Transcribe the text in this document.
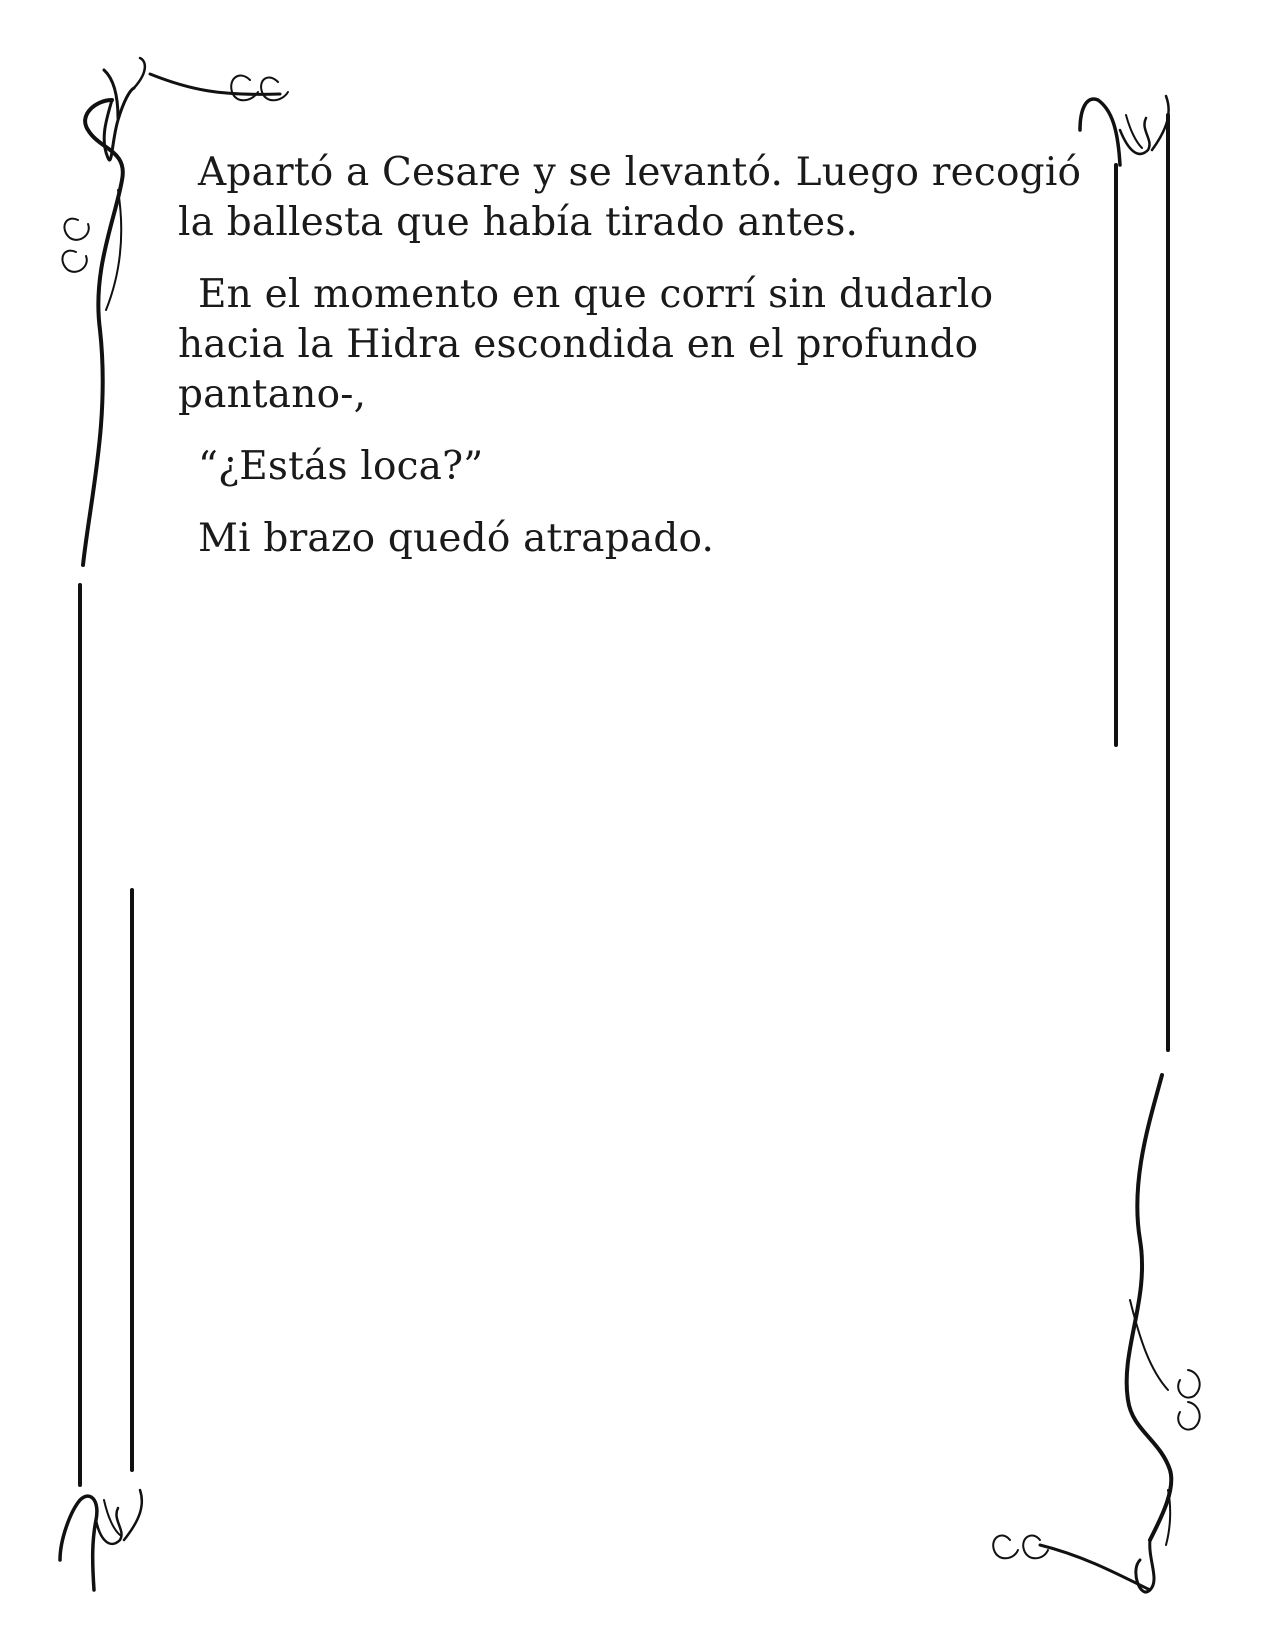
Apartó a Cesare y se levantó. Luego recogió la ballesta que había tirado antes.

En el momento en que corrí sin dudarlo hacia la Hidra escondida en el profundo pantano-,

“¿Estás loca?”

Mi brazo quedó atrapado.
